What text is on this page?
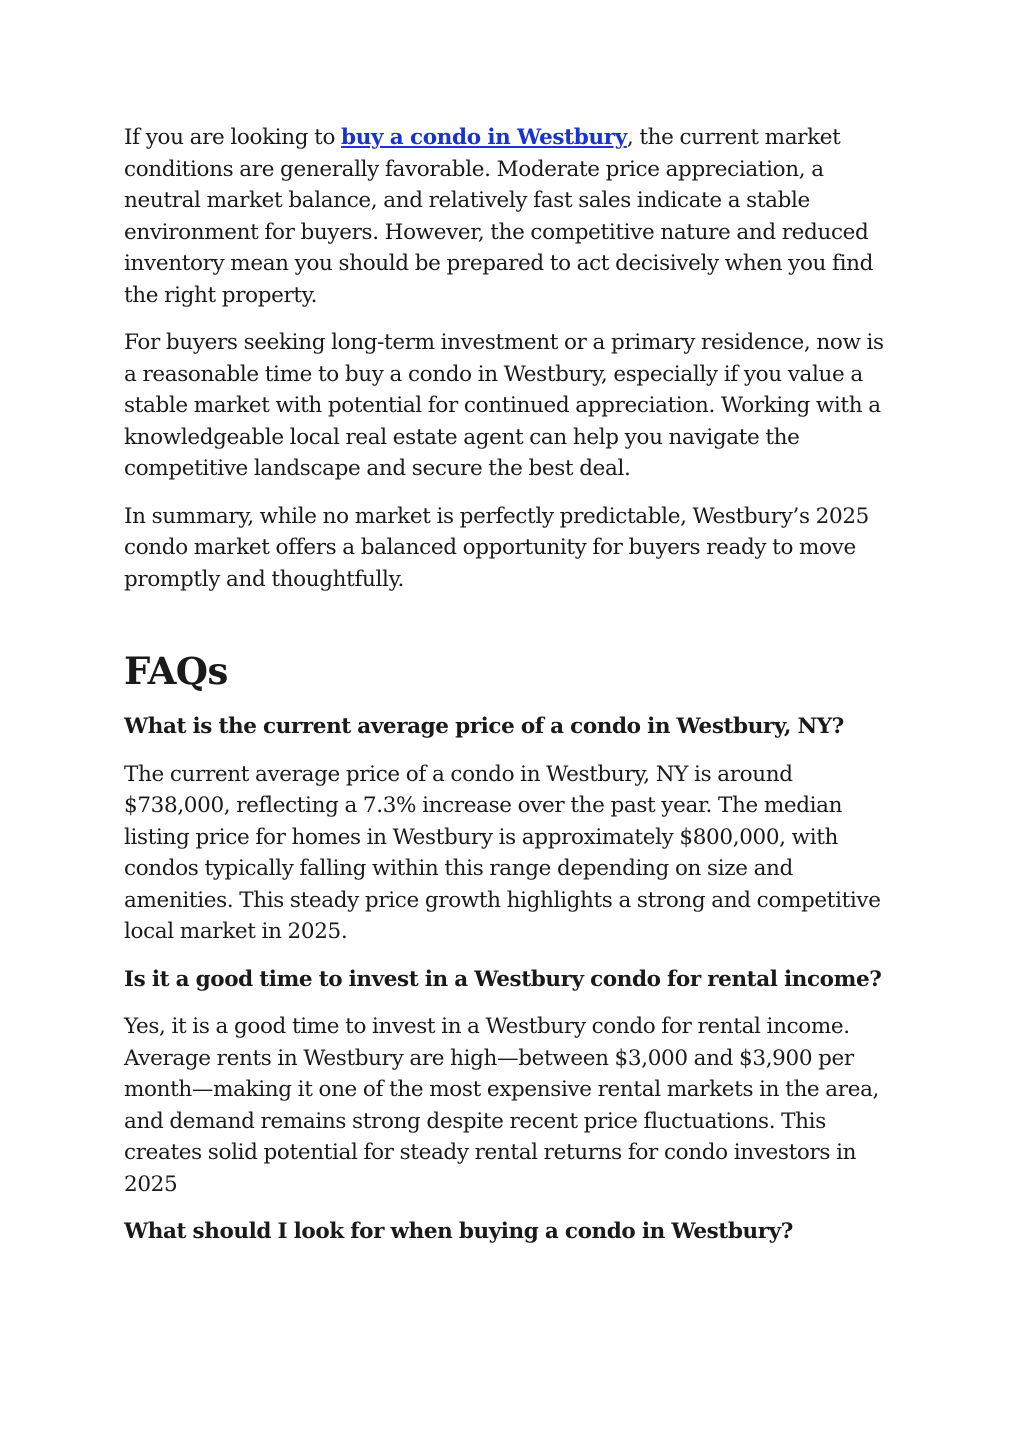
If you are looking to buy a condo in Westbury, the current market conditions are generally favorable. Moderate price appreciation, a neutral market balance, and relatively fast sales indicate a stable environment for buyers. However, the competitive nature and reduced inventory mean you should be prepared to act decisively when you find the right property.

For buyers seeking long-term investment or a primary residence, now is a reasonable time to buy a condo in Westbury, especially if you value a stable market with potential for continued appreciation. Working with a knowledgeable local real estate agent can help you navigate the competitive landscape and secure the best deal.

In summary, while no market is perfectly predictable, Westbury’s 2025 condo market offers a balanced opportunity for buyers ready to move promptly and thoughtfully.

FAQs
What is the current average price of a condo in Westbury, NY?

The current average price of a condo in Westbury, NY is around $738,000, reflecting a 7.3% increase over the past year. The median listing price for homes in Westbury is approximately $800,000, with condos typically falling within this range depending on size and amenities. This steady price growth highlights a strong and competitive local market in 2025.

Is it a good time to invest in a Westbury condo for rental income?

Yes, it is a good time to invest in a Westbury condo for rental income. Average rents in Westbury are high—between $3,000 and $3,900 per month—making it one of the most expensive rental markets in the area, and demand remains strong despite recent price fluctuations. This creates solid potential for steady rental returns for condo investors in 2025

What should I look for when buying a condo in Westbury?
